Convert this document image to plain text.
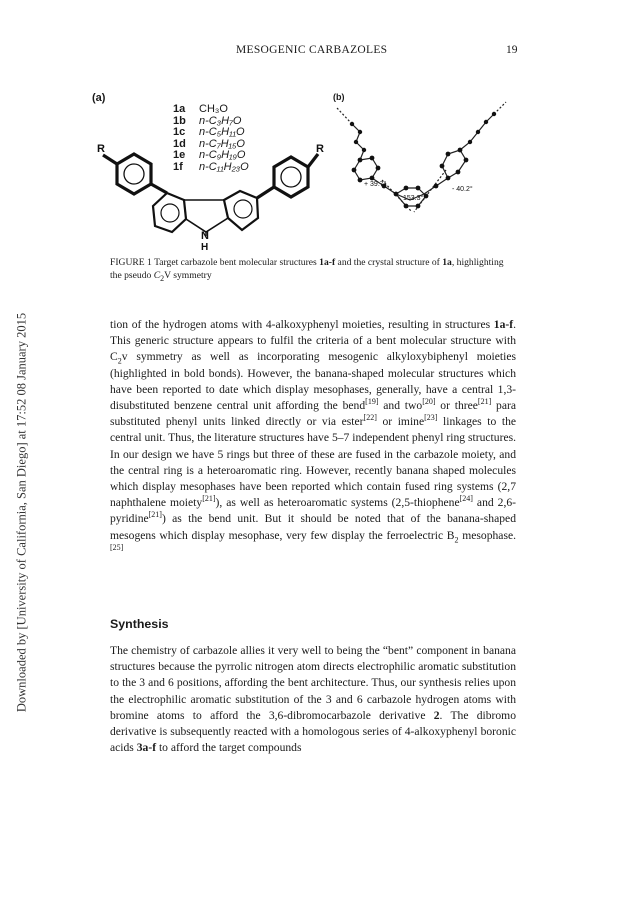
MESOGENIC CARBAZOLES	19
Downloaded by [University of California, San Diego] at 17:52 08 January 2015
(a)	(b)
1a CH₃O
1b n-C₃H₇O
1c n-C₅H₁₁O
1d n-C₇H₁₅O
1e n-C₉H₁₉O
1f n-C₁₁H₂₃O
R	R
N
H
+ 39.7°
153.3°
- 40.2°
FIGURE 1 Target carbazole bent molecular structures 1a-f and the crystal structure of 1a, highlighting the pseudo $C_2V$ symmetry
tion of the hydrogen atoms with 4-alkoxyphenyl moieties, resulting in structures 1a-f. This generic structure appears to fulfil the criteria of a bent molecular structure with $C_2v$ symmetry as well as incorporating mesogenic alkyloxybiphenyl moieties (highlighted in bold bonds). However, the banana-shaped molecular structures which have been reported to date which display mesophases, generally, have a central 1,3-disubstituted benzene central unit affording the bend[19] and two[20] or three[21] para substituted phenyl units linked directly or via ester[22] or imine[23] linkages to the central unit. Thus, the literature structures have 5–7 independent phenyl ring structures. In our design we have 5 rings but three of these are fused in the carbazole moiety, and the central ring is a heteroaromatic ring. However, recently banana shaped molecules which display mesophases have been reported which contain fused ring systems (2,7 naphthalene moiety[21]), as well as heteroaromatic systems (2,5-thiophene[24] and 2,6-pyridine[21]) as the bend unit. But it should be noted that of the banana-shaped mesogens which display mesophase, very few display the ferroelectric $B_2$ mesophase.[25]
Synthesis
The chemistry of carbazole allies it very well to being the “bent” component in banana structures because the pyrrolic nitrogen atom directs electrophilic aromatic substitution to the 3 and 6 positions, affording the bent architecture. Thus, our synthesis relies upon the electrophilic aromatic substitution of the 3 and 6 carbazole hydrogen atoms with bromine atoms to afford the 3,6-dibromocarbazole derivative 2. The dibromo derivative is subsequently reacted with a homologous series of 4-alkoxyphenyl boronic acids 3a-f to afford the target compounds
